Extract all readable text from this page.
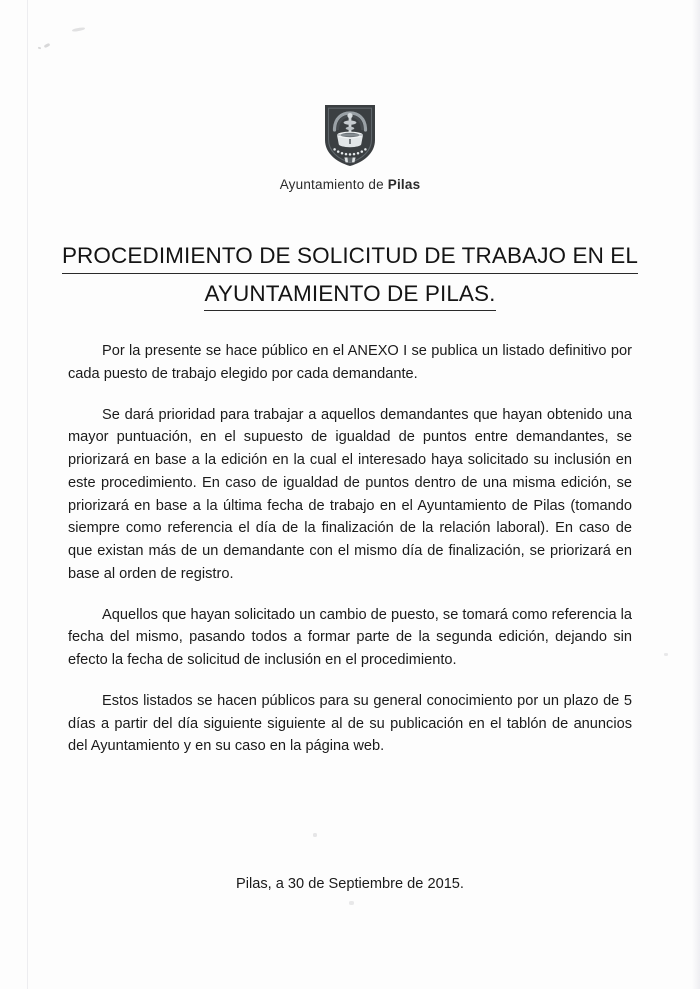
Ayuntamiento de Pilas
PROCEDIMIENTO DE SOLICITUD DE TRABAJO EN EL
AYUNTAMIENTO DE PILAS.

Por la presente se hace público en el ANEXO I se publica un listado definitivo por cada puesto de trabajo elegido por cada demandante.

Se dará prioridad para trabajar a aquellos demandantes que hayan obtenido una mayor puntuación, en el supuesto de igualdad de puntos entre demandantes, se priorizará en base a la edición en la cual el interesado haya solicitado su inclusión en este procedimiento. En caso de igualdad de puntos dentro de una misma edición, se priorizará en base a la última fecha de trabajo en el Ayuntamiento de Pilas (tomando siempre como referencia el día de la finalización de la relación laboral). En caso de que existan más de un demandante con el mismo día de finalización, se priorizará en base al orden de registro.

Aquellos que hayan solicitado un cambio de puesto, se tomará como referencia la fecha del mismo, pasando todos a formar parte de la segunda edición, dejando sin efecto la fecha de solicitud de inclusión en el procedimiento.

Estos listados se hacen públicos para su general conocimiento por un plazo de 5 días a partir del día siguiente siguiente al de su publicación en el tablón de anuncios del Ayuntamiento y en su caso en la página web.

Pilas, a 30 de Septiembre de 2015.
